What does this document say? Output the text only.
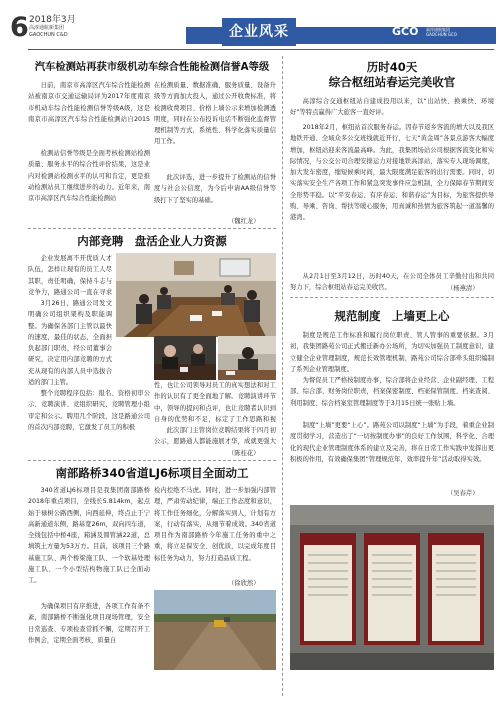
6 2018年3月
高淳通航新集团
GAOCHUN C&D	企业风采	GCO 高淳通航集团
GAOCHUN GCO
汽车检测站再获市级机动车综合性能检测信誉A等级

日前，南京市高淳区汽车综合性能检测站被南京市交通运输局评为2017年度南京市机动车综合性能检测信誉等级A级，这是南京市高淳区汽车综合性能检测站自2015

检测站信誉等级是全面考核检测站检测质量、服务水平的综合性评价结果，这是业内对检测站检测水平的认可和肯定，更是推动检测站员工继续进步的动力。近年来，南京市高淳区汽车综合性能检测站

在检测质量、数据准确、服务质量、设备升级等方面加大投入，通过公开收费标准，将检测收费项目、价格上墙公示来增加检测透明度，同时在公布投诉电话不断强化监督管理机制等方式，系统性、科学化落实质量信用工作。

此次评选，进一步提升了检测站的信誉度与社会公信度，为今后申请AA级信誉等级打下了坚实的基础。

（魏红龙）
内部竞聘　盘活企业人力资源

企业发展离不开优质人才队伍，怎样让现有的员工人尽其职，责任明确，保持斗志与竞争力，路通公司一直在寻求

3月26日，路通公司发文明确公司组织架构及职能调整。为确保各部门主管以最快的速度，最佳的状态，全面担负起部门职责，经公司董事会研究，决定用内部竞聘的方式充从现有的内部人员中选拔合适的部门主管。

整个竞聘程序包括：报名、资格初审公示、竞聘演讲、竞组织研究、竞聘管理小组审定和公示。聘用几个阶段，这是路通公司的首次内部竞聘，它激发了员工的积极

性，也让公司领导对员工的真实想法和对工作的认识有了更全面地了解。竞聘演讲环节中，领导的提问和点评，也让竞聘者认识到自身的优势和不足，标定了工作思路和视

此次部门主管岗位竞聘结果将于四月初公示，愿路通人都能施展才华，成就更强大

（陈桂花）
南部路桥340省道LJ6标项目全面动工

340省道LJ6标项目是我集团南部路桥2018年重点项目，全线长5.814km，起点始于禄树公路西侧，向西延伸，终点止于宁高新通道东侧，路基宽26m，双向四车道，全线包括中桥4座，箱涵及圆管涵22道，总填筑土方量为53万方。目前，该项目三个路基施工队、两个桥梁施工队、一个软基处理施工队、一个小型结构物施工队已全面动工。

为确保项目有序推进，各项工作有条不紊，南部路桥不断强化项目现场管理，安全日常巡查、专项检查常抓不懈，定期召开工作例会，定期全面考核，质量自

检内控绝不马虎。同时，进一步加强内部管理，严肃劳动纪律，端正工作态度和意识，将工作任务细化，分解落实到人，计划有方案，行动有落实，从细节着成效。340省道项目作为南部路桥今年施工任务的重中之重，将立足保安全、创优质，以完成年度目标任务为动力，努力打造品质工程。

（徐欣然）
历时40天
综合枢纽站春运完美收官

高淳综合交通枢纽站自建成投用以来，以“出站快、换乘快、环境好”等特点赢得广大旅客一直好评。

2018年2月，枢纽站首次服务春运。因春节返乡客流的增大以及我区地铁开通、全域众多公交班线就近开行，七天“黄金周”各景点游客大幅度增加，枢纽站迎来客流最高峰。为此，我集团场站公司根据客流变化和实际情况，与公交公司合理安排运力对接地铁高淳站，落实专人现场调度，加大发车密度，缩短候乘时间，最大限度满足旅客的出行需要。同时，切实落实安全生产各项工作和紧急突发事件应急机制，全力保障春节期间安全形势平稳。以“平安春运、有序春运、和谐春运”为目标，为旅客提供导购、导乘、咨询、帮扶等暖心服务，用真诚和热情为旅客筑起一道温馨的港湾。

从2月1日至3月12日，历时40天，在公司全体员工辛勤付出和共同努力下，综合枢纽站春运完美收官。	（杨燕清）
规范制度　上墙更上心

制度是规范工作标准和履行岗位职责、管人管事的重要依据。3月初，我集团路苑公司正式搬迁新办公场所，为切实加强员工制度意识，建立健全企业管理制度，规范长效管理机制，路苑公司综合部牵头组织编制了系列企业管理制度。

为督促员工严格按制度办事，综合部将企业经营、企业副经理、工程部、综合部、财务岗位职责，档案保密制度、档案保管制度、档案查阅、利用制度、综合档案室管理制度等于3月15日统一张贴上墙。

制度“上墙”更要“上心”。路苑公司以制度“上墙”为手段，着重企业制度贯彻学习，营造出了“一切按制度办事”的良好工作氛围，科学化、合理化的现代企业管理制度体系的建立及完善，将在日常工作实践中发挥出更积极的作用，有效确保集团“管理规范年、效率提升年”活动取得实效。

（吴春芹）
